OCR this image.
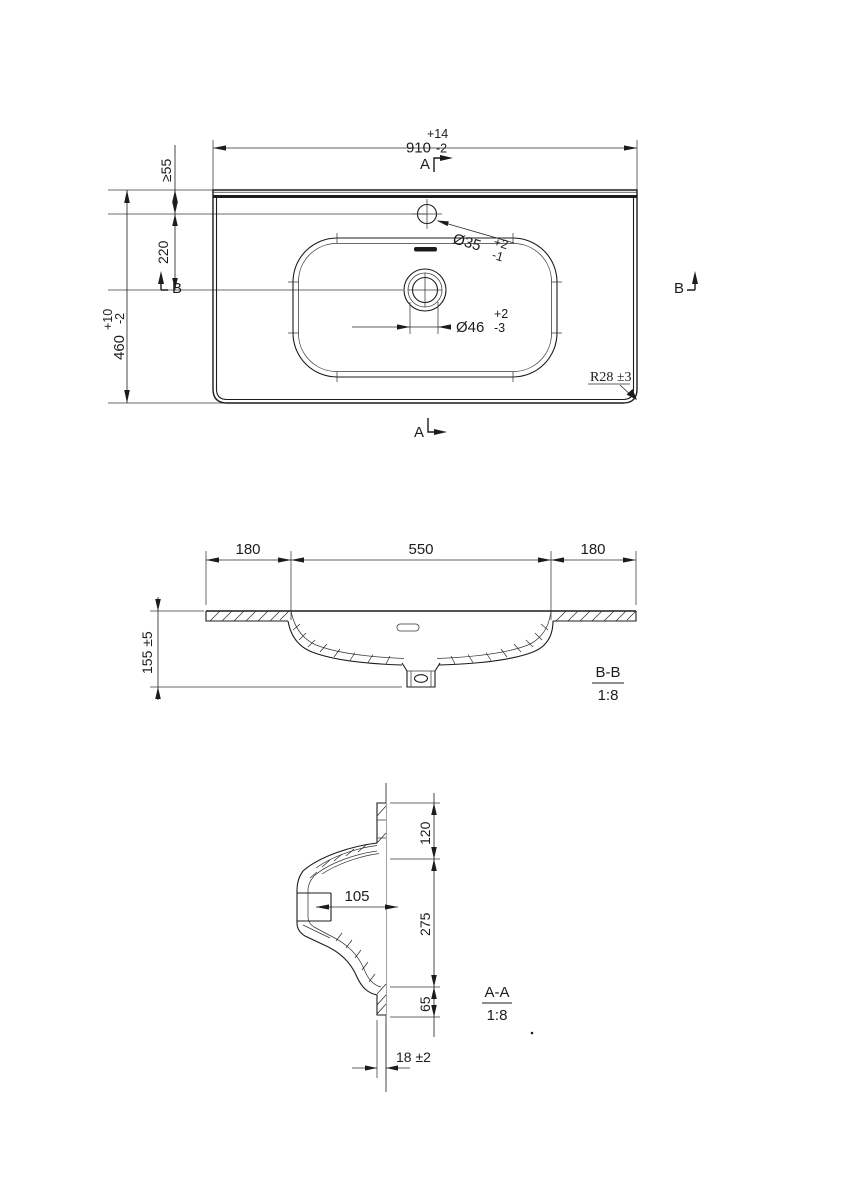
Ø35 +2
-1
Ø46
+2
-3
910 -2
+14
460
-2
+10
≥55
220
R28 ±3
A
A
B	B
180	550	180
155 ±5	B-B
1:8
120
275
65
105
18 ±2
A-A
1:8
